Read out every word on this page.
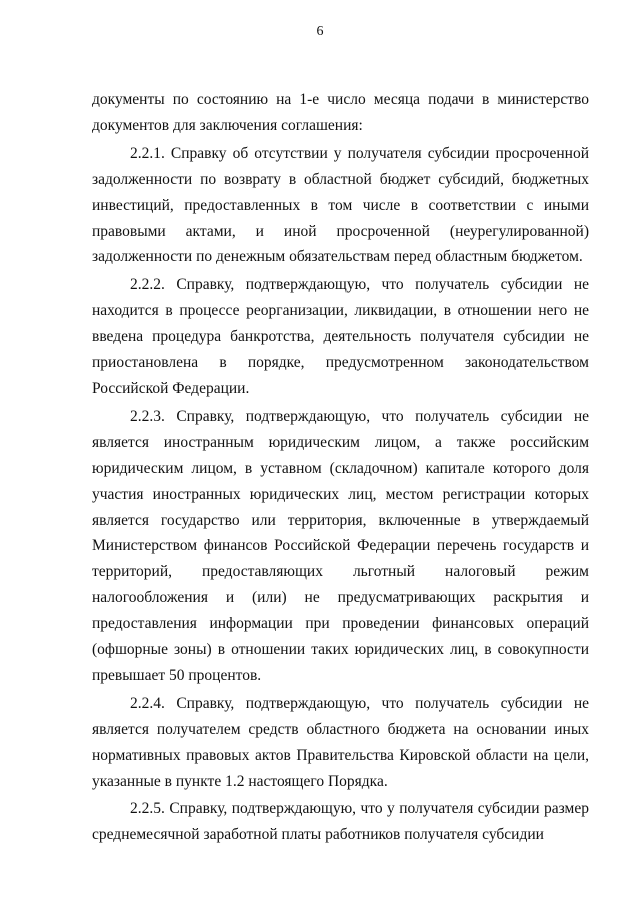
6

документы по состоянию на 1-е число месяца подачи в министерство документов для заключения соглашения:

2.2.1. Справку об отсутствии у получателя субсидии просроченной задолженности по возврату в областной бюджет субсидий, бюджетных инвестиций, предоставленных в том числе в соответствии с иными правовыми актами, и иной просроченной (неурегулированной) задолженности по денежным обязательствам перед областным бюджетом.

2.2.2. Справку, подтверждающую, что получатель субсидии не находится в процессе реорганизации, ликвидации, в отношении него не введена процедура банкротства, деятельность получателя субсидии не приостановлена в порядке, предусмотренном законодательством Российской Федерации.

2.2.3. Справку, подтверждающую, что получатель субсидии не является иностранным юридическим лицом, а также российским юридическим лицом, в уставном (складочном) капитале которого доля участия иностранных юридических лиц, местом регистрации которых является государство или территория, включенные в утверждаемый Министерством финансов Российской Федерации перечень государств и территорий, предоставляющих льготный налоговый режим налогообложения и (или) не предусматривающих раскрытия и предоставления информации при проведении финансовых операций (офшорные зоны) в отношении таких юридических лиц, в совокупности превышает 50 процентов.

2.2.4. Справку, подтверждающую, что получатель субсидии не является получателем средств областного бюджета на основании иных нормативных правовых актов Правительства Кировской области на цели, указанные в пункте 1.2 настоящего Порядка.

2.2.5. Справку, подтверждающую, что у получателя субсидии размер среднемесячной заработной платы работников получателя субсидии
